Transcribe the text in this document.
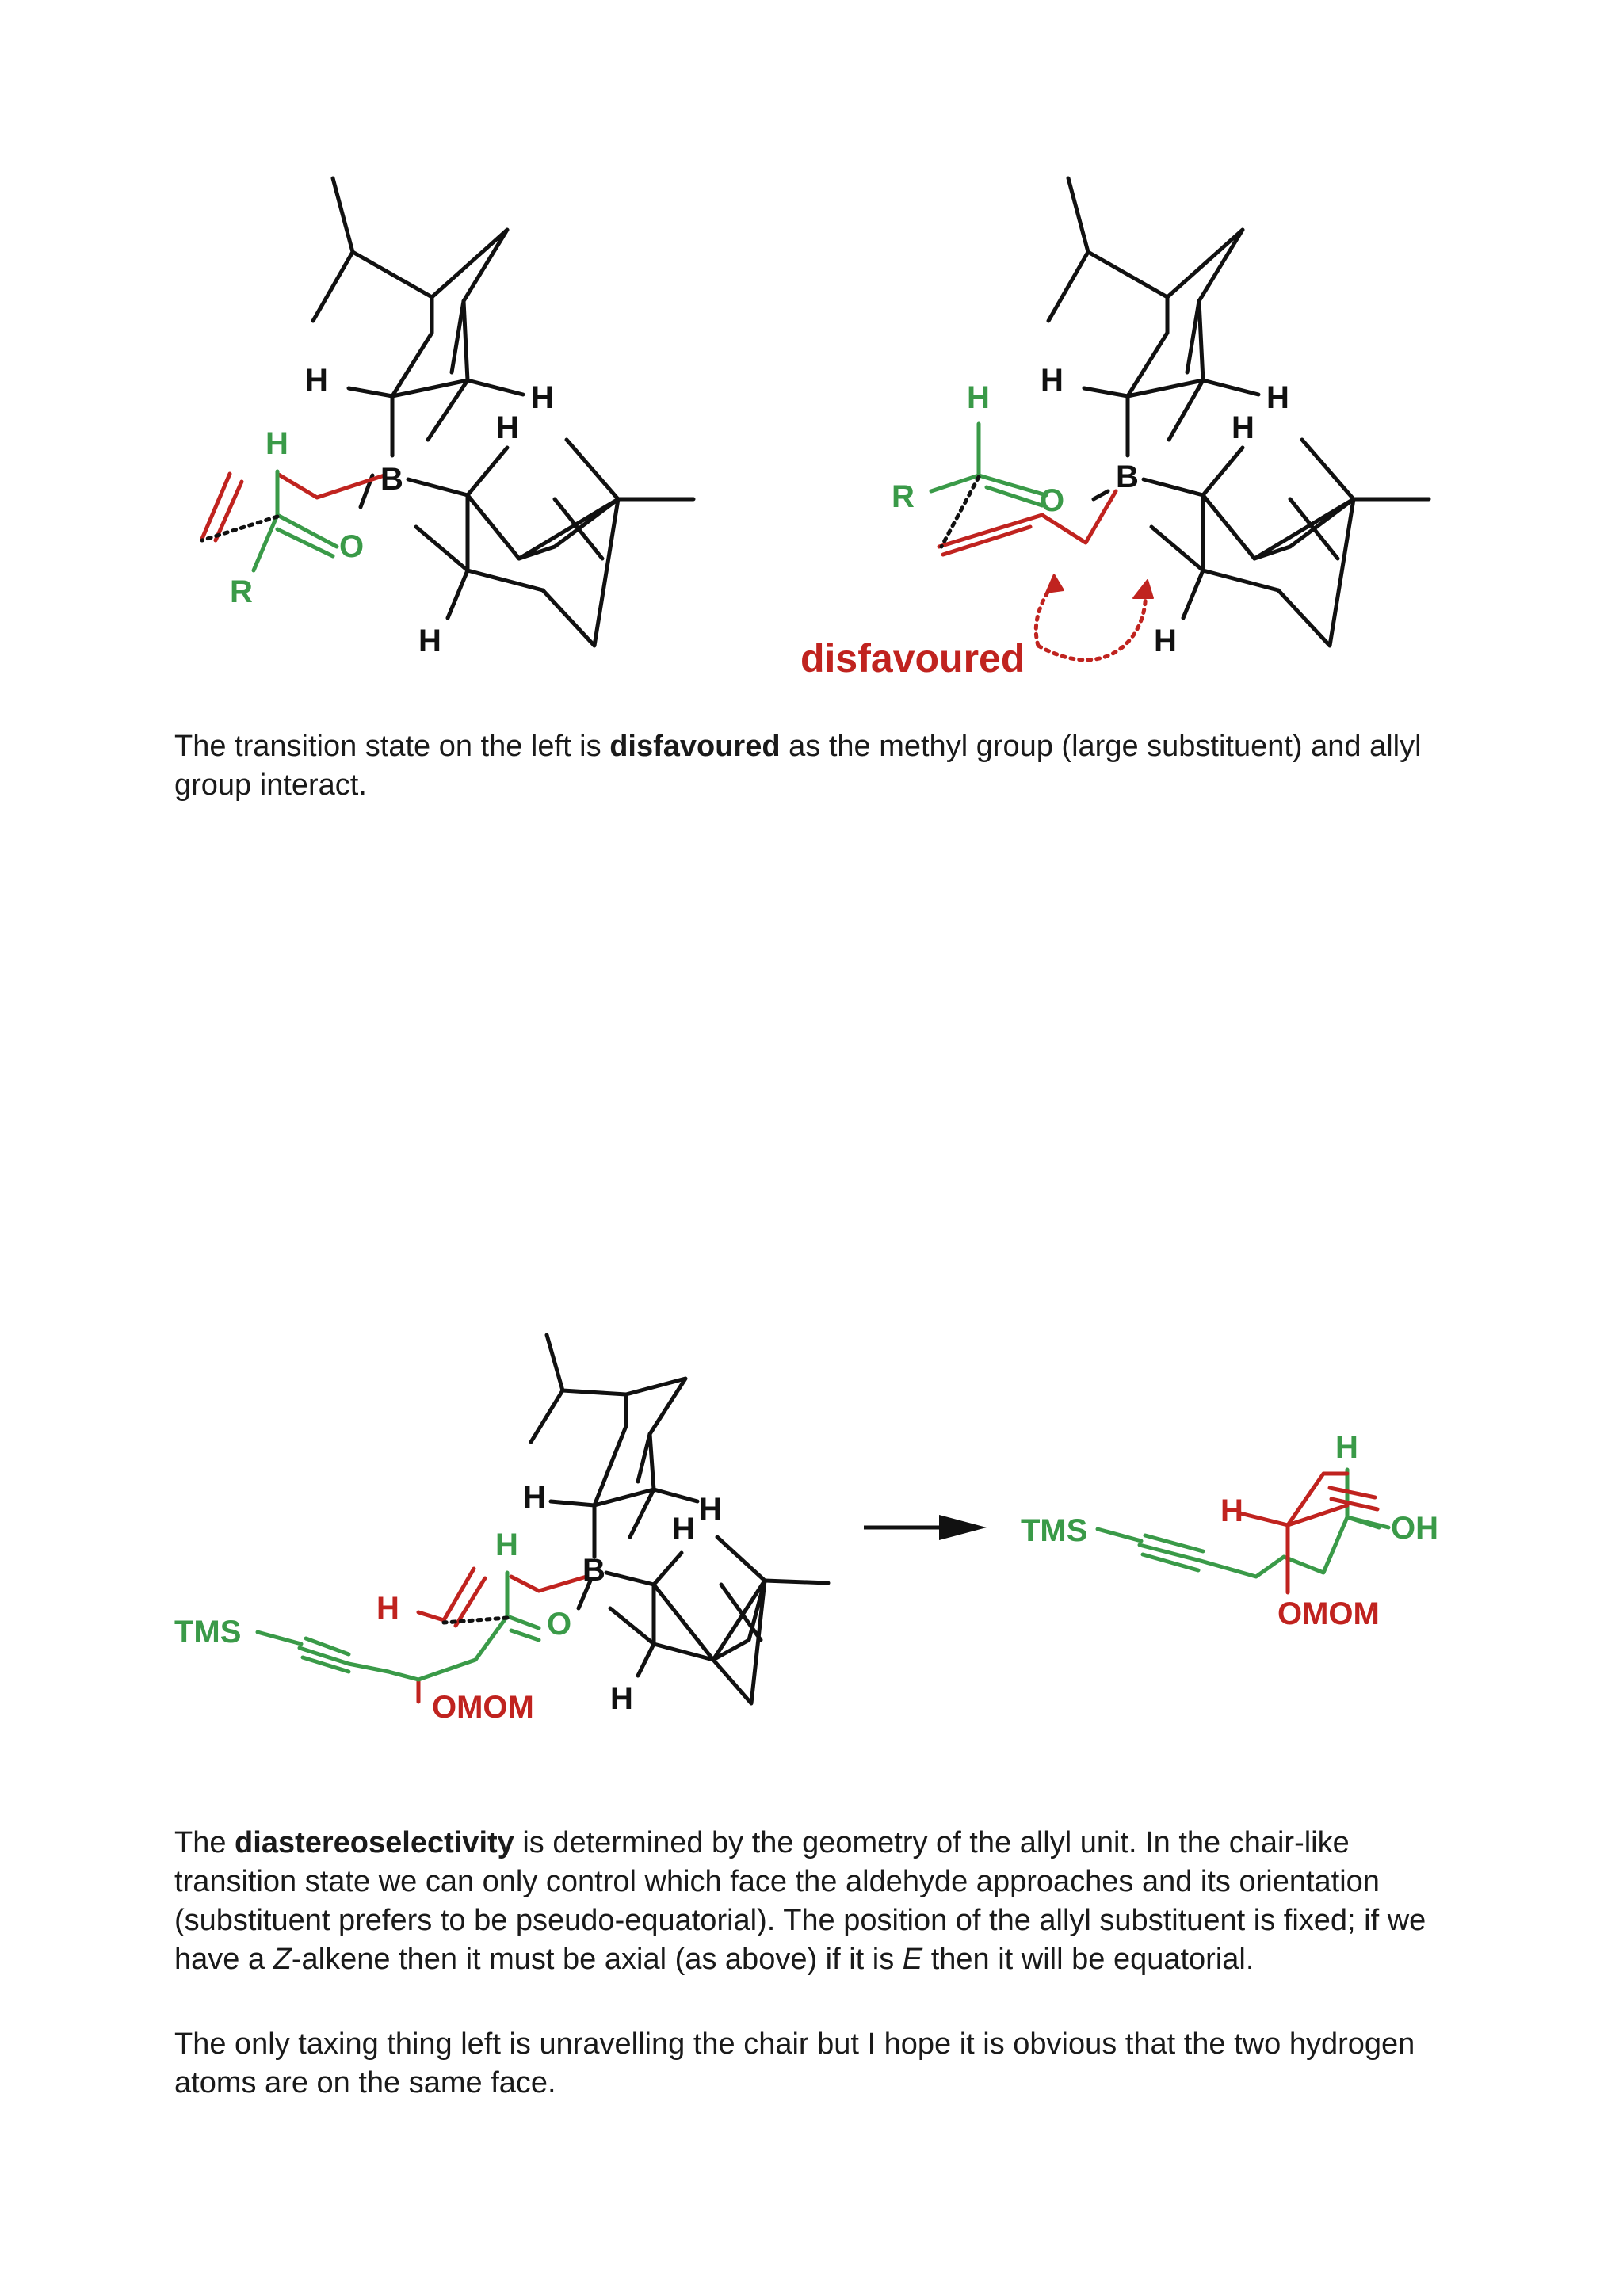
H	H
H
H
B
H
O
R
H	H
H
H
B
H
O
R
disfavoured

The transition state on the left is disfavoured as the methyl group (large substituent) and allyl group interact.

H	H
H
H
B
H
O
TMS
H
OMOM
TMS
H
OH
H
OMOM

The diastereoselectivity is determined by the geometry of the allyl unit. In the chair-like transition state we can only control which face the aldehyde approaches and its orientation (substituent prefers to be pseudo-equatorial). The position of the allyl substituent is fixed; if we have a Z-alkene then it must be axial (as above) if it is E then it will be equatorial.

The only taxing thing left is unravelling the chair but I hope it is obvious that the two hydrogen atoms are on the same face.
